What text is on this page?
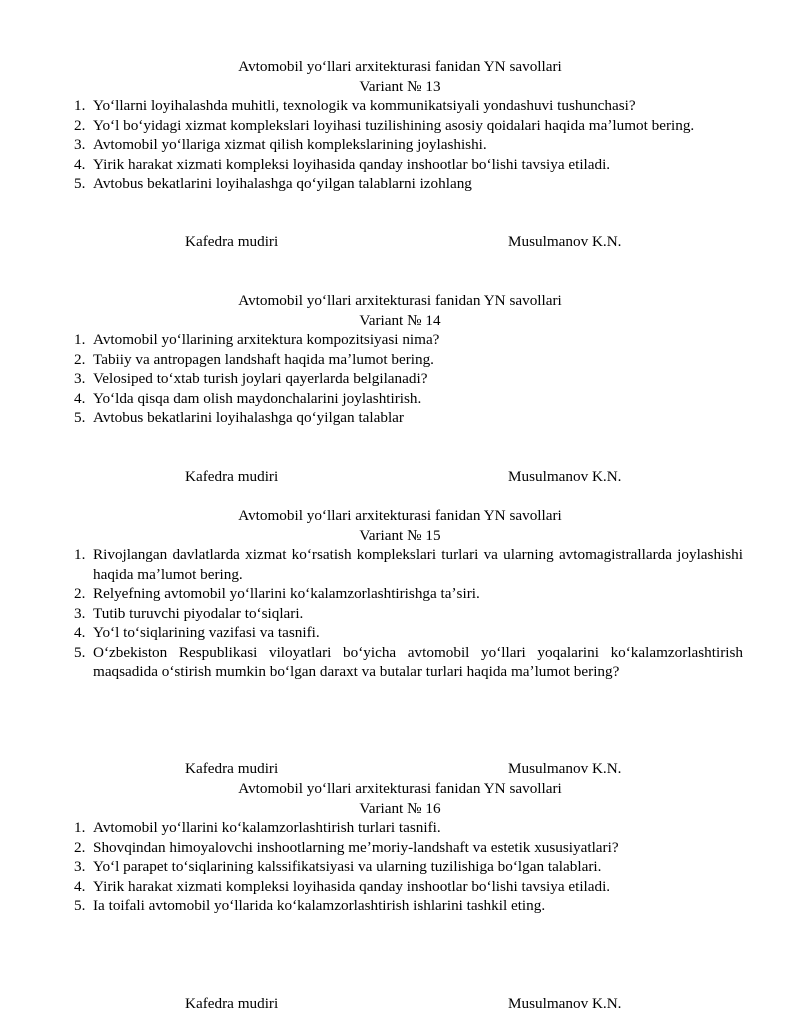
Avtomobil yoʻllari arxitekturasi fanidan YN savollari
Variant № 13
1. Yoʻllarni loyihalashda muhitli, texnologik va kommunikatsiyali yondashuvi tushunchasi?
2. Yoʻl boʻyidagi xizmat komplekslari loyihasi tuzilishining asosiy qoidalari haqida maʼlumot bering.
3. Avtomobil yoʻllariga xizmat qilish komplekslarining joylashishi.
4. Yirik harakat xizmati kompleksi loyihasida qanday inshootlar boʻlishi tavsiya etiladi.
5. Avtobus bekatlarini loyihalashga qoʻyilgan talablarni izohlang
Kafedra mudiri	Musulmanov K.N.
Avtomobil yoʻllari arxitekturasi fanidan YN savollari
Variant № 14
1. Avtomobil yoʻllarining arxitektura kompozitsiyasi nima?
2. Tabiiy va antropagen landshaft haqida maʼlumot bering.
3. Velosiped toʻxtab turish joylari qayerlarda belgilanadi?
4. Yoʻlda qisqa dam olish maydonchalarini joylashtirish.
5. Avtobus bekatlarini loyihalashga qoʻyilgan talablar
Kafedra mudiri	Musulmanov K.N.
Avtomobil yoʻllari arxitekturasi fanidan YN savollari
Variant № 15
1. Rivojlangan davlatlarda xizmat koʻrsatish komplekslari turlari va ularning avtomagistrallarda joylashishi haqida maʼlumot bering.
2. Relyefning avtomobil yoʻllarini koʻkalamzorlashtirishga taʼsiri.
3. Tutib turuvchi piyodalar toʻsiqlari.
4. Yoʻl toʻsiqlarining vazifasi va tasnifi.
5. Oʻzbekiston Respublikasi viloyatlari boʻyicha avtomobil yoʻllari yoqalarini koʻkalamzorlashtirish maqsadida oʻstirish mumkin boʻlgan daraxt va butalar turlari haqida maʼlumot bering?
Kafedra mudiri	Musulmanov K.N.
Avtomobil yoʻllari arxitekturasi fanidan YN savollari
Variant № 16
1. Avtomobil yoʻllarini koʻkalamzorlashtirish turlari tasnifi.
2. Shovqindan himoyalovchi inshootlarning meʼmoriy-landshaft va estetik xususiyatlari?
3. Yoʻl parapet toʻsiqlarining kalssifikatsiyasi va ularning tuzilishiga boʻlgan talablari.
4. Yirik harakat xizmati kompleksi loyihasida qanday inshootlar boʻlishi tavsiya etiladi.
5. Ia toifali avtomobil yoʻllarida koʻkalamzorlashtirish ishlarini tashkil eting.
Kafedra mudiri	Musulmanov K.N.
